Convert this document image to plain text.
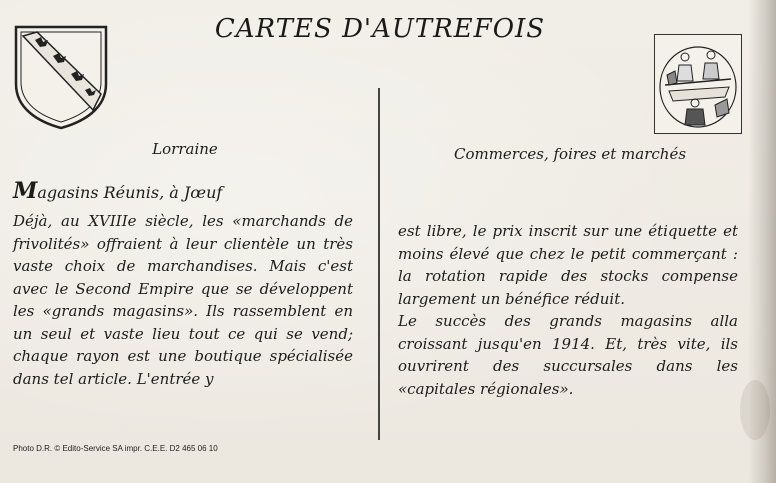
CARTES D'AUTREFOIS
Lorraine	Commerces, foires et marchés
Magasins Réunis, à Jœuf

Déjà, au XVIIIe siècle, les «marchands de frivolités» offraient à leur clientèle un très vaste choix de marchandises. Mais c'est avec le Second Empire que se développent les «grands magasins». Ils rassemblent en un seul et vaste lieu tout ce qui se vend; chaque rayon est une boutique spécialisée dans tel article. L'entrée y

est libre, le prix inscrit sur une étiquette et moins élevé que chez le petit commerçant : la rotation rapide des stocks compense largement un bénéfice réduit.

Le succès des grands magasins alla croissant jusqu'en 1914. Et, très vite, ils ouvrirent des succursales dans les «capitales régionales».

Photo D.R. © Edito-Service SA impr. C.E.E. D2 465 06 10
